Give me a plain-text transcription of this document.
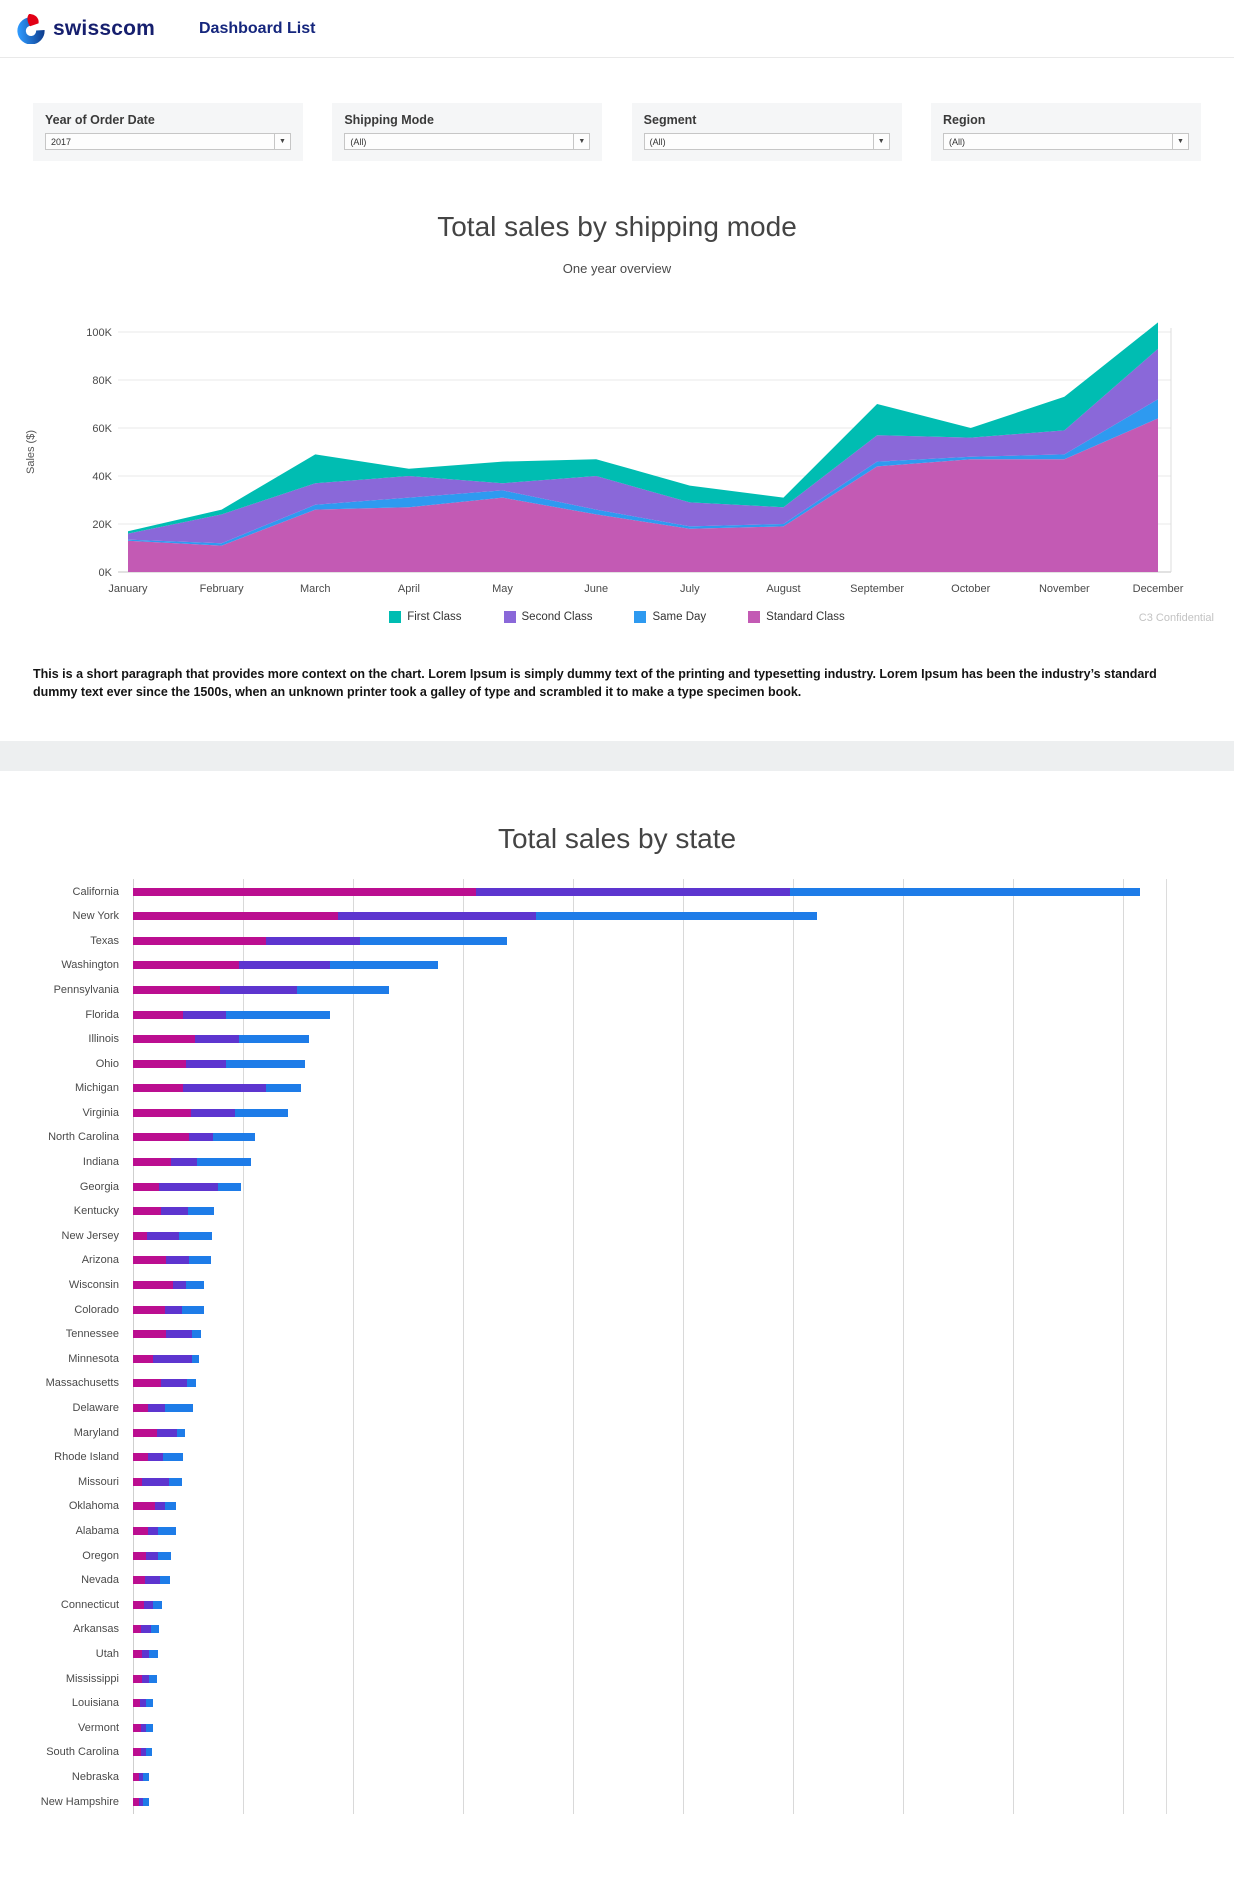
swisscom	Dashboard List
Year of Order Date
2017	▼
Shipping Mode
(All)	▼
Segment
(All)	▼
Region
(All)	▼
Total sales by shipping mode
One year overview
0K
20K
40K
60K
80K
100K
January	February	March	April	May	June	July	August	September	October	November	December
Sales ($)
First Class	Second Class	Same Day	Standard Class	C3 Confidential

This is a short paragraph that provides more context on the chart. Lorem Ipsum is simply dummy text of the printing and typesetting industry. Lorem Ipsum has been the industry’s standard dummy text ever since the 1500s, when an unknown printer took a galley of type and scrambled it to make a type specimen book.

Total sales by state
California
New York
Texas
Washington
Pennsylvania
Florida
Illinois
Ohio
Michigan
Virginia
North Carolina
Indiana
Georgia
Kentucky
New Jersey
Arizona
Wisconsin
Colorado
Tennessee
Minnesota
Massachusetts
Delaware
Maryland
Rhode Island
Missouri
Oklahoma
Alabama
Oregon
Nevada
Connecticut
Arkansas
Utah
Mississippi
Louisiana
Vermont
South Carolina
Nebraska
New Hampshire
